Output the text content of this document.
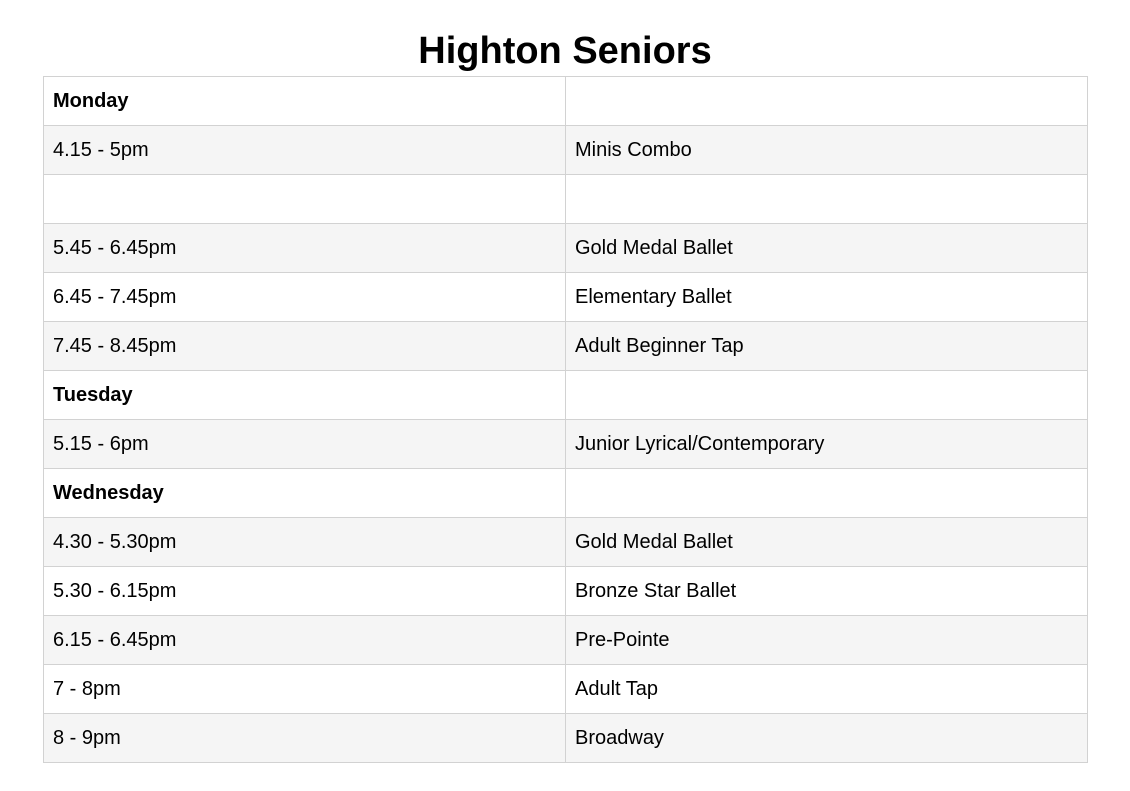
Highton Seniors
Monday	
4.15 - 5pm	Minis Combo

5.45 - 6.45pm	Gold Medal Ballet
6.45 - 7.45pm	Elementary Ballet
7.45 - 8.45pm	Adult Beginner Tap
Tuesday	
5.15 - 6pm	Junior Lyrical/Contemporary
Wednesday	
4.30 - 5.30pm	Gold Medal Ballet
5.30 - 6.15pm	Bronze Star Ballet
6.15 - 6.45pm	Pre-Pointe
7 - 8pm	Adult Tap
8 - 9pm	Broadway
